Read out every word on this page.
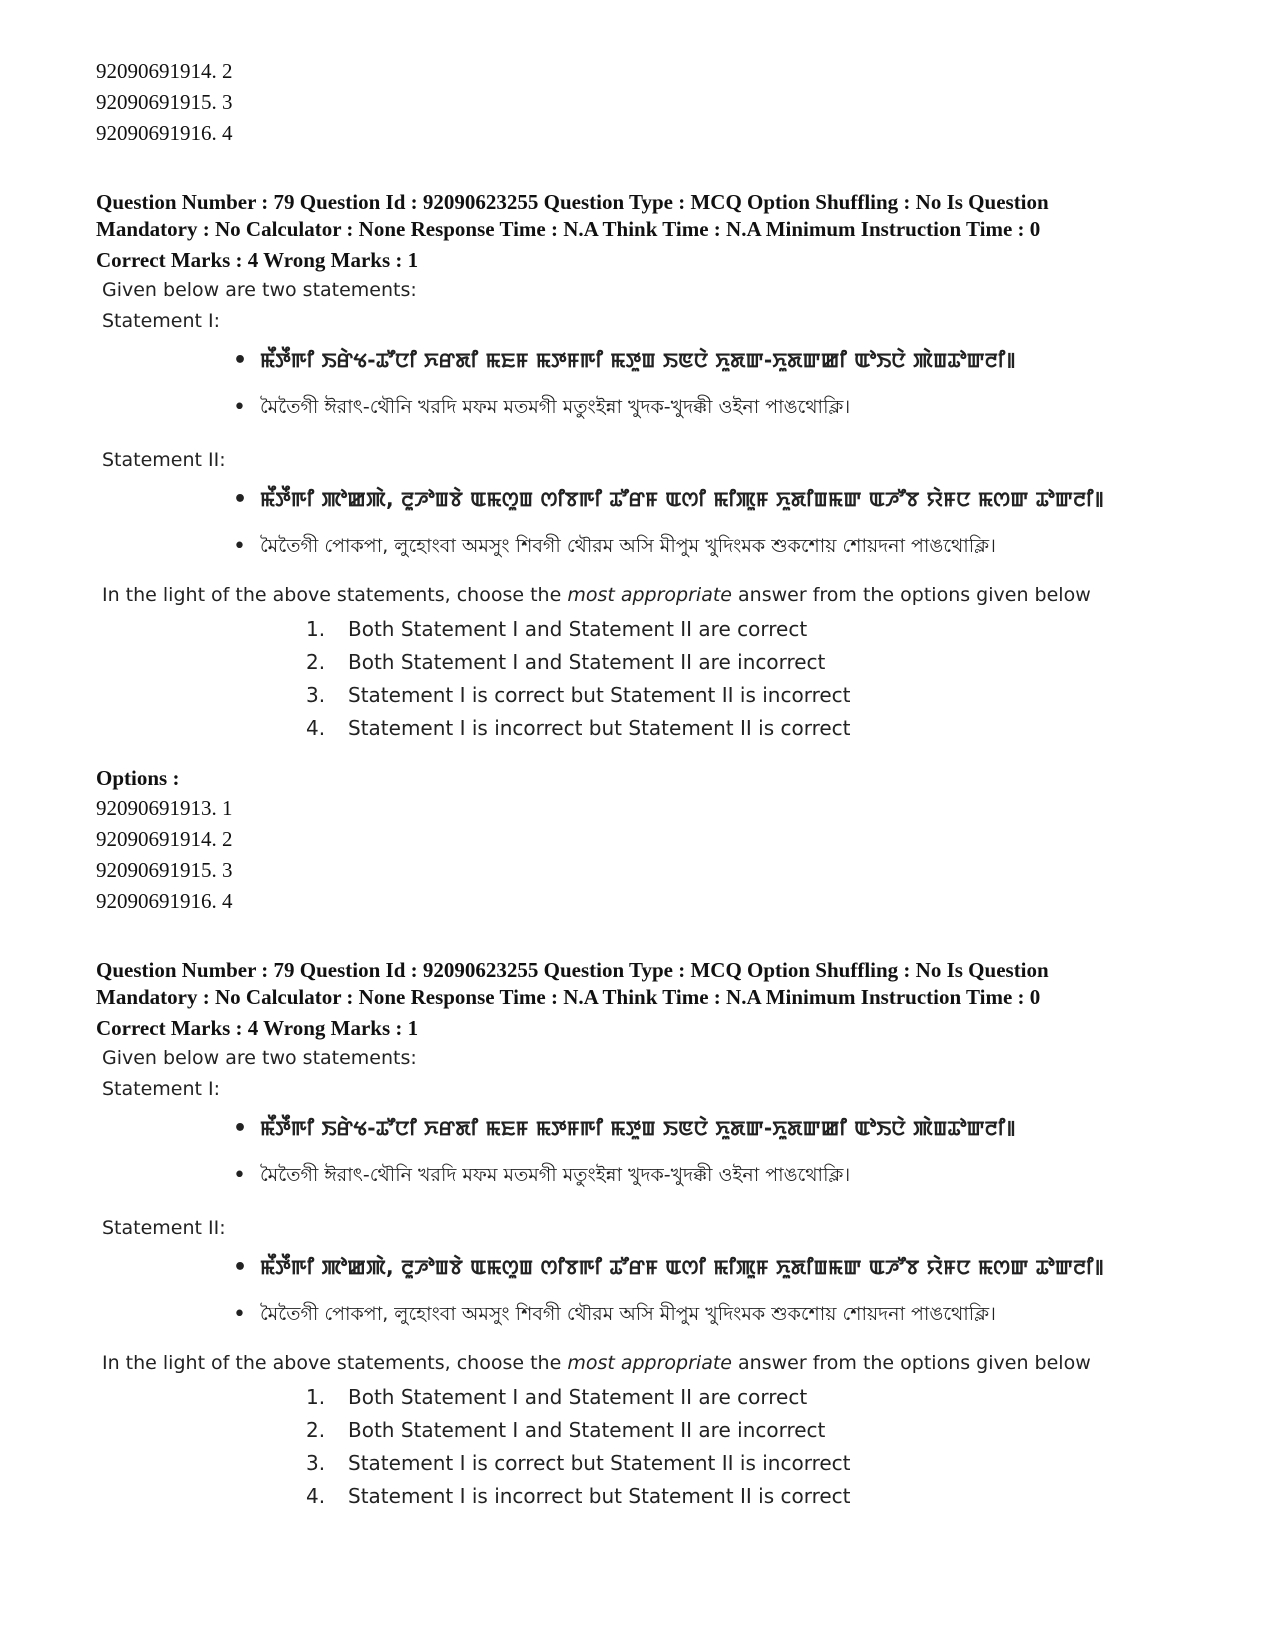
92090691914. 2
92090691915. 3
92090691916. 4
Question Number : 79 Question Id : 92090623255 Question Type : MCQ Option Shuffling : No Is Question
Mandatory : No Calculator : None Response Time : N.A Think Time : N.A Minimum Instruction Time : 0
Correct Marks : 4 Wrong Marks : 1
Given below are two statements:
Statement I:
• ꯃꯩꯇꯩꯒꯤ ꯏꯔꯥꯠ-ꯊꯧꯅꯤ ꯈꯔꯗꯤ ꯃꯐꯝ ꯃꯇꯝꯒꯤ ꯃꯇꯨꯡ ꯏꯟꯅꯥ ꯈꯨꯗꯛ-ꯈꯨꯗꯛꯀꯤ ꯑꯣꯏꯅꯥ ꯄꯥꯡꯊꯣꯛꯂꯤ꯫
• মৈতৈগী ঈরাৎ-থৌনি খরদি মফম মতমগী মতুংইন্না খুদক-খুদক্কী ওইনা পাঙথোক্লি।
Statement II:
• ꯃꯩꯇꯩꯒꯤ ꯄꯣꯀꯄꯥ, ꯂꯨꯍꯣꯡꯕꯥ ꯑꯃꯁꯨꯡ ꯁꯤꯕꯒꯤ ꯊꯧꯔꯝ ꯑꯁꯤ ꯃꯤꯄꯨꯝ ꯈꯨꯗꯤꯡꯃꯛ ꯑꯍꯧꯕ ꯌꯥꯝꯅ ꯃꯁꯛ ꯊꯣꯛꯂꯤ꯫
• মৈতৈগী পোকপা, লুহোংবা অমসুং শিবগী থৌরম অসি মীপুম খুদিংমক শুকশোয় শোয়দনা পাঙথোক্লি।
In the light of the above statements, choose the most appropriate answer from the options given below
1. Both Statement I and Statement II are correct
2. Both Statement I and Statement II are incorrect
3. Statement I is correct but Statement II is incorrect
4. Statement I is incorrect but Statement II is correct
Options :
92090691913. 1
92090691914. 2
92090691915. 3
92090691916. 4
Question Number : 79 Question Id : 92090623255 Question Type : MCQ Option Shuffling : No Is Question
Mandatory : No Calculator : None Response Time : N.A Think Time : N.A Minimum Instruction Time : 0
Correct Marks : 4 Wrong Marks : 1
Given below are two statements:
Statement I:
• ꯃꯩꯇꯩꯒꯤ ꯏꯔꯥꯠ-ꯊꯧꯅꯤ ꯈꯔꯗꯤ ꯃꯐꯝ ꯃꯇꯝꯒꯤ ꯃꯇꯨꯡ ꯏꯟꯅꯥ ꯈꯨꯗꯛ-ꯈꯨꯗꯛꯀꯤ ꯑꯣꯏꯅꯥ ꯄꯥꯡꯊꯣꯛꯂꯤ꯫
• মৈতৈগী ঈরাৎ-থৌনি খরদি মফম মতমগী মতুংইন্না খুদক-খুদক্কী ওইনা পাঙথোক্লি।
Statement II:
• ꯃꯩꯇꯩꯒꯤ ꯄꯣꯀꯄꯥ, ꯂꯨꯍꯣꯡꯕꯥ ꯑꯃꯁꯨꯡ ꯁꯤꯕꯒꯤ ꯊꯧꯔꯝ ꯑꯁꯤ ꯃꯤꯄꯨꯝ ꯈꯨꯗꯤꯡꯃꯛ ꯑꯍꯧꯕ ꯌꯥꯝꯅ ꯃꯁꯛ ꯊꯣꯛꯂꯤ꯫
• মৈতৈগী পোকপা, লুহোংবা অমসুং শিবগী থৌরম অসি মীপুম খুদিংমক শুকশোয় শোয়দনা পাঙথোক্লি।
In the light of the above statements, choose the most appropriate answer from the options given below
1. Both Statement I and Statement II are correct
2. Both Statement I and Statement II are incorrect
3. Statement I is correct but Statement II is incorrect
4. Statement I is incorrect but Statement II is correct
